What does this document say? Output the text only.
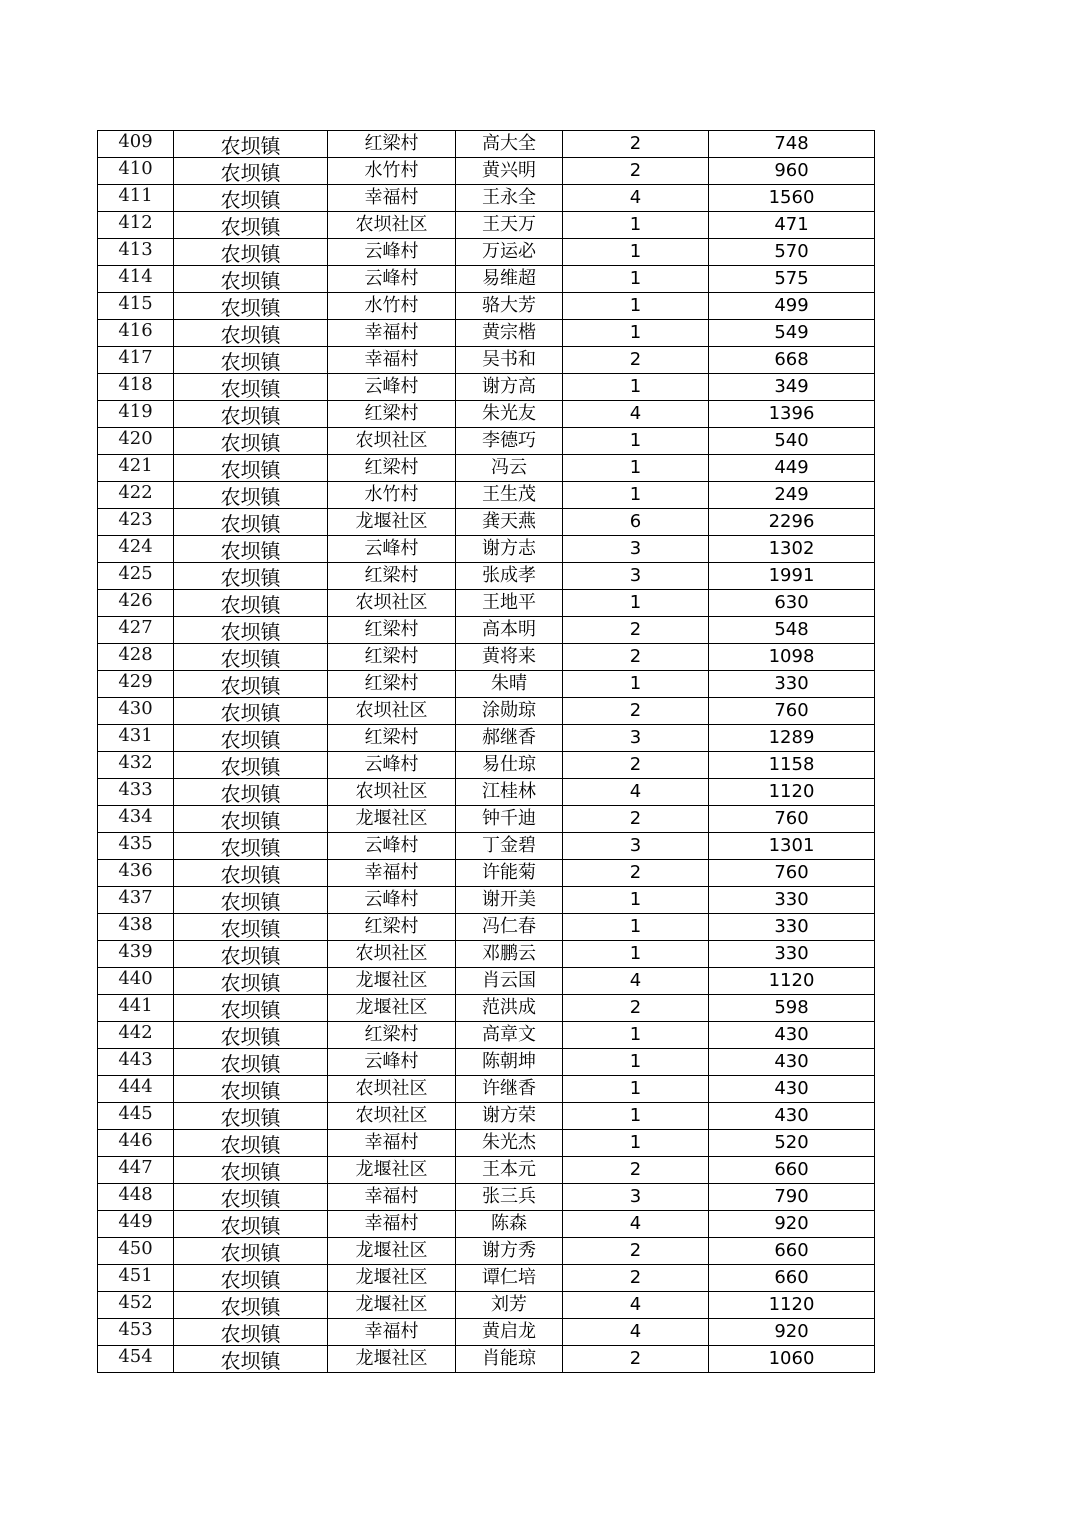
409	农坝镇	红梁村	高大全	2	748
410	农坝镇	水竹村	黄兴明	2	960
411	农坝镇	幸福村	王永全	4	1560
412	农坝镇	农坝社区	王天万	1	471
413	农坝镇	云峰村	万运必	1	570
414	农坝镇	云峰村	易维超	1	575
415	农坝镇	水竹村	骆大芳	1	499
416	农坝镇	幸福村	黄宗楷	1	549
417	农坝镇	幸福村	吴书和	2	668
418	农坝镇	云峰村	谢方高	1	349
419	农坝镇	红梁村	朱光友	4	1396
420	农坝镇	农坝社区	李德巧	1	540
421	农坝镇	红梁村	冯云	1	449
422	农坝镇	水竹村	王生茂	1	249
423	农坝镇	龙堰社区	龚天燕	6	2296
424	农坝镇	云峰村	谢方志	3	1302
425	农坝镇	红梁村	张成孝	3	1991
426	农坝镇	农坝社区	王地平	1	630
427	农坝镇	红梁村	高本明	2	548
428	农坝镇	红梁村	黄将来	2	1098
429	农坝镇	红梁村	朱晴	1	330
430	农坝镇	农坝社区	涂勋琼	2	760
431	农坝镇	红梁村	郝继香	3	1289
432	农坝镇	云峰村	易仕琼	2	1158
433	农坝镇	农坝社区	江桂林	4	1120
434	农坝镇	龙堰社区	钟千迪	2	760
435	农坝镇	云峰村	丁金碧	3	1301
436	农坝镇	幸福村	许能菊	2	760
437	农坝镇	云峰村	谢开美	1	330
438	农坝镇	红梁村	冯仁春	1	330
439	农坝镇	农坝社区	邓鹏云	1	330
440	农坝镇	龙堰社区	肖云国	4	1120
441	农坝镇	龙堰社区	范洪成	2	598
442	农坝镇	红梁村	高章文	1	430
443	农坝镇	云峰村	陈朝坤	1	430
444	农坝镇	农坝社区	许继香	1	430
445	农坝镇	农坝社区	谢方荣	1	430
446	农坝镇	幸福村	朱光杰	1	520
447	农坝镇	龙堰社区	王本元	2	660
448	农坝镇	幸福村	张三兵	3	790
449	农坝镇	幸福村	陈森	4	920
450	农坝镇	龙堰社区	谢方秀	2	660
451	农坝镇	龙堰社区	谭仁培	2	660
452	农坝镇	龙堰社区	刘芳	4	1120
453	农坝镇	幸福村	黄启龙	4	920
454	农坝镇	龙堰社区	肖能琼	2	1060
